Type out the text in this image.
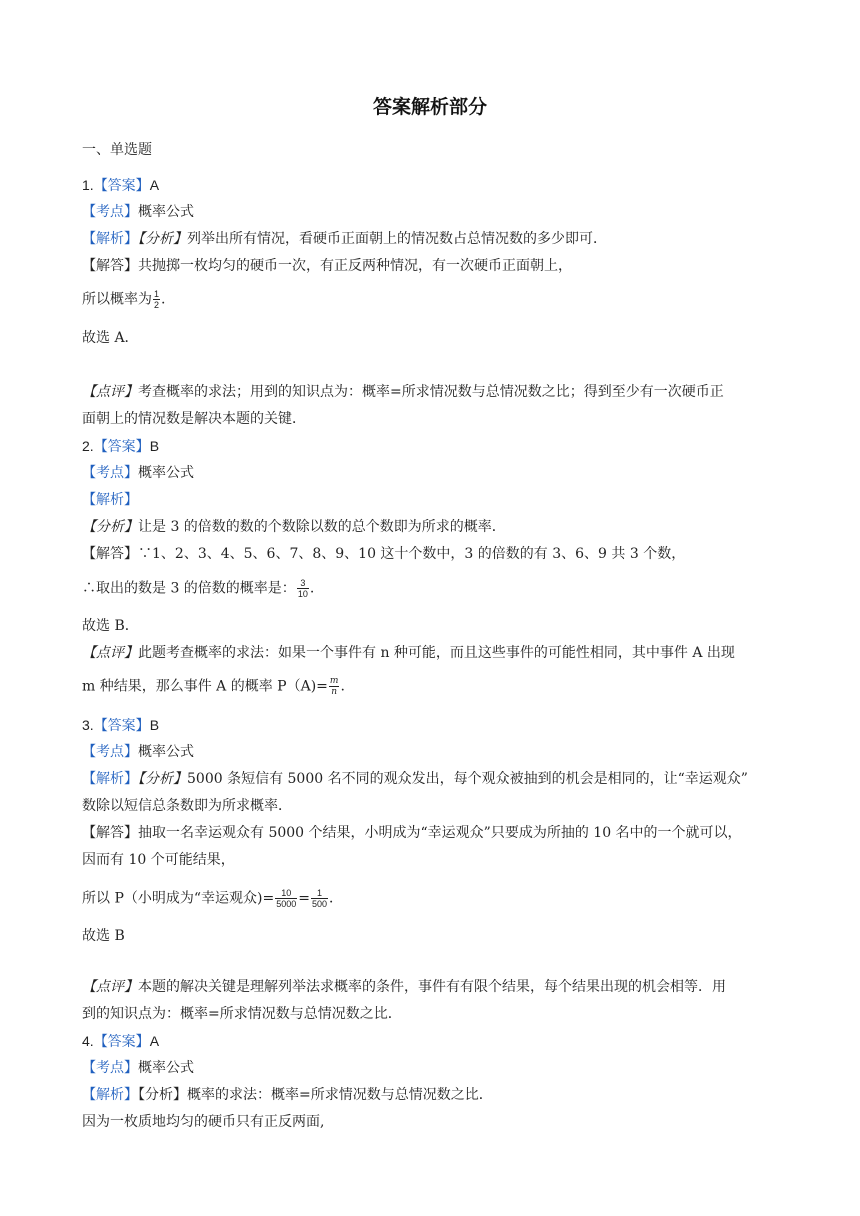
答案解析部分
一、单选题
1.【答案】A
【考点】概率公式
【解析】【分析】列举出所有情况，看硬币正面朝上的情况数占总情况数的多少即可．
【解答】共抛掷一枚均匀的硬币一次，有正反两种情况，有一次硬币正面朝上，
所以概率为 $\frac{1}{2}$ .
故选 A．
【点评】考查概率的求法；用到的知识点为：概率=所求情况数与总情况数之比；得到至少有一次硬币正
面朝上的情况数是解决本题的关键．
2.【答案】B
【考点】概率公式
【解析】
【分析】让是 3 的倍数的数的个数除以数的总个数即为所求的概率．
【解答】∵1、2、3、4、5、6、7、8、9、10 这十个数中，3 的倍数的有 3、6、9 共 3 个数，
∴取出的数是 3 的倍数的概率是： $\frac{3}{10}$ .
故选 B．
【点评】此题考查概率的求法：如果一个事件有 n 种可能，而且这些事件的可能性相同，其中事件 A 出现
m 种结果，那么事件 A 的概率 $P(A)= \frac{m}{n}$ .
3.【答案】B
【考点】概率公式
【解析】【分析】5000 条短信有 5000 名不同的观众发出，每个观众被抽到的机会是相同的，让“幸运观众”
数除以短信总条数即为所求概率．
【解答】抽取一名幸运观众有 5000 个结果，小明成为“幸运观众”只要成为所抽的 10 名中的一个就可以，
因而有 10 个可能结果，
所以 P（小明成为“幸运观众)= $\frac{10}{5000} = \frac{1}{500}$ ．
故选 B
【点评】本题的解决关键是理解列举法求概率的条件，事件有有限个结果，每个结果出现的机会相等．用
到的知识点为：概率=所求情况数与总情况数之比．
4.【答案】A
【考点】概率公式
【解析】【分析】概率的求法：概率=所求情况数与总情况数之比．
因为一枚质地均匀的硬币只有正反两面,
